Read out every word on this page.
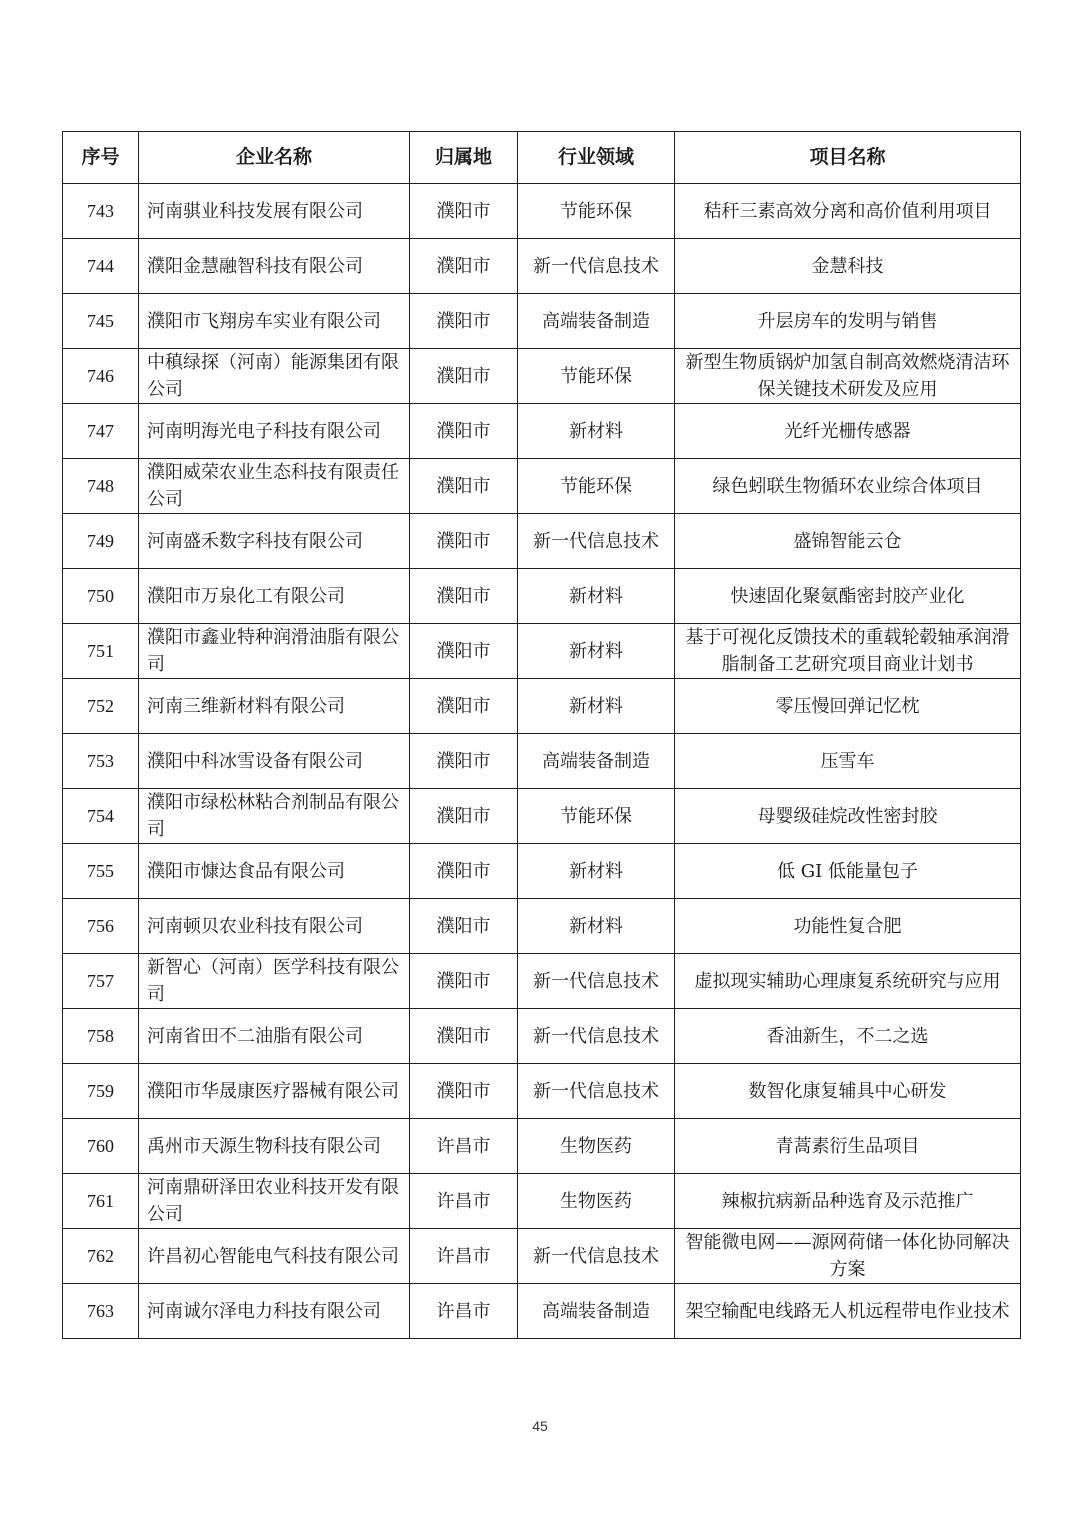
序号	企业名称	归属地	行业领域	项目名称
743	河南骐业科技发展有限公司	濮阳市	节能环保	秸秆三素高效分离和高价值利用项目
744	濮阳金慧融智科技有限公司	濮阳市	新一代信息技术	金慧科技
745	濮阳市飞翔房车实业有限公司	濮阳市	高端装备制造	升层房车的发明与销售
746	中稹绿探（河南）能源集团有限公司	濮阳市	节能环保	新型生物质锅炉加氢自制高效燃烧清洁环保关键技术研发及应用
747	河南明海光电子科技有限公司	濮阳市	新材料	光纤光栅传感器
748	濮阳威荣农业生态科技有限责任公司	濮阳市	节能环保	绿色蚓联生物循环农业综合体项目
749	河南盛禾数字科技有限公司	濮阳市	新一代信息技术	盛锦智能云仓
750	濮阳市万泉化工有限公司	濮阳市	新材料	快速固化聚氨酯密封胶产业化
751	濮阳市鑫业特种润滑油脂有限公司	濮阳市	新材料	基于可视化反馈技术的重载轮毂轴承润滑脂制备工艺研究项目商业计划书
752	河南三维新材料有限公司	濮阳市	新材料	零压慢回弹记忆枕
753	濮阳中科冰雪设备有限公司	濮阳市	高端装备制造	压雪车
754	濮阳市绿松林粘合剂制品有限公司	濮阳市	节能环保	母婴级硅烷改性密封胶
755	濮阳市慷达食品有限公司	濮阳市	新材料	低 GI 低能量包子
756	河南顿贝农业科技有限公司	濮阳市	新材料	功能性复合肥
757	新智心（河南）医学科技有限公司	濮阳市	新一代信息技术	虚拟现实辅助心理康复系统研究与应用
758	河南省田不二油脂有限公司	濮阳市	新一代信息技术	香油新生，不二之选
759	濮阳市华晟康医疗器械有限公司	濮阳市	新一代信息技术	数智化康复辅具中心研发
760	禹州市天源生物科技有限公司	许昌市	生物医药	青蒿素衍生品项目
761	河南鼎研泽田农业科技开发有限公司	许昌市	生物医药	辣椒抗病新品种选育及示范推广
762	许昌初心智能电气科技有限公司	许昌市	新一代信息技术	智能微电网——源网荷储一体化协同解决方案
763	河南诚尔泽电力科技有限公司	许昌市	高端装备制造	架空输配电线路无人机远程带电作业技术
45
